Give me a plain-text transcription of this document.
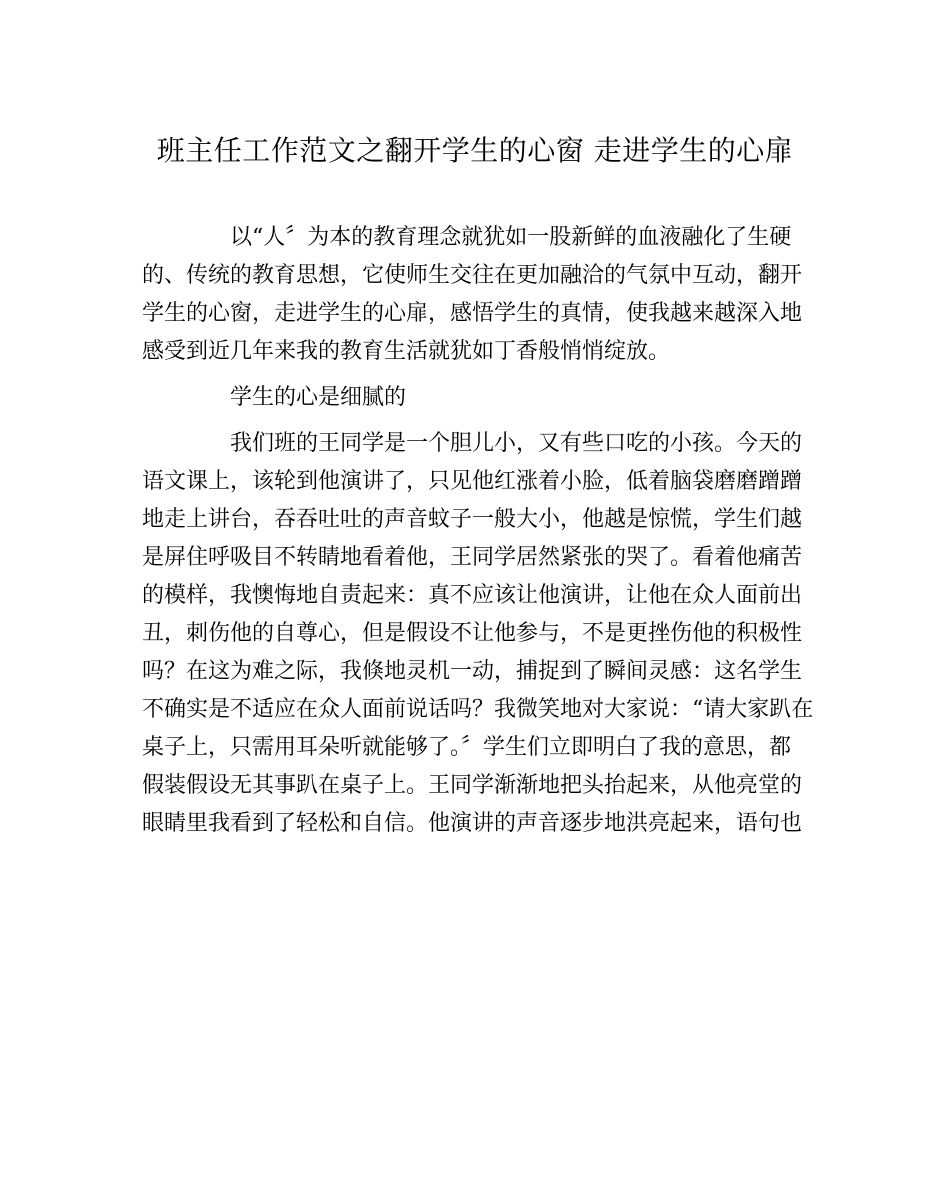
班主任工作范文之翻开学生的心窗 走进学生的心扉

以“人〞为本的教育理念就犹如一股新鲜的血液融化了生硬
的、传统的教育思想，它使师生交往在更加融洽的气氛中互动，翻开
学生的心窗，走进学生的心扉，感悟学生的真情，使我越来越深入地
感受到近几年来我的教育生活就犹如丁香般悄悄绽放。

学生的心是细腻的

我们班的王同学是一个胆儿小，又有些口吃的小孩。今天的
语文课上，该轮到他演讲了，只见他红涨着小脸，低着脑袋磨磨蹭蹭
地走上讲台，吞吞吐吐的声音蚊子一般大小，他越是惊慌，学生们越
是屏住呼吸目不转睛地看着他，王同学居然紧张的哭了。看着他痛苦
的模样，我懊悔地自责起来：真不应该让他演讲，让他在众人面前出
丑，刺伤他的自尊心，但是假设不让他参与，不是更挫伤他的积极性
吗？在这为难之际，我倏地灵机一动，捕捉到了瞬间灵感：这名学生
不确实是不适应在众人面前说话吗？我微笑地对大家说：“请大家趴在
桌子上，只需用耳朵听就能够了。〞学生们立即明白了我的意思，都
假装假设无其事趴在桌子上。王同学渐渐地把头抬起来，从他亮堂的
眼睛里我看到了轻松和自信。他演讲的声音逐步地洪亮起来，语句也
